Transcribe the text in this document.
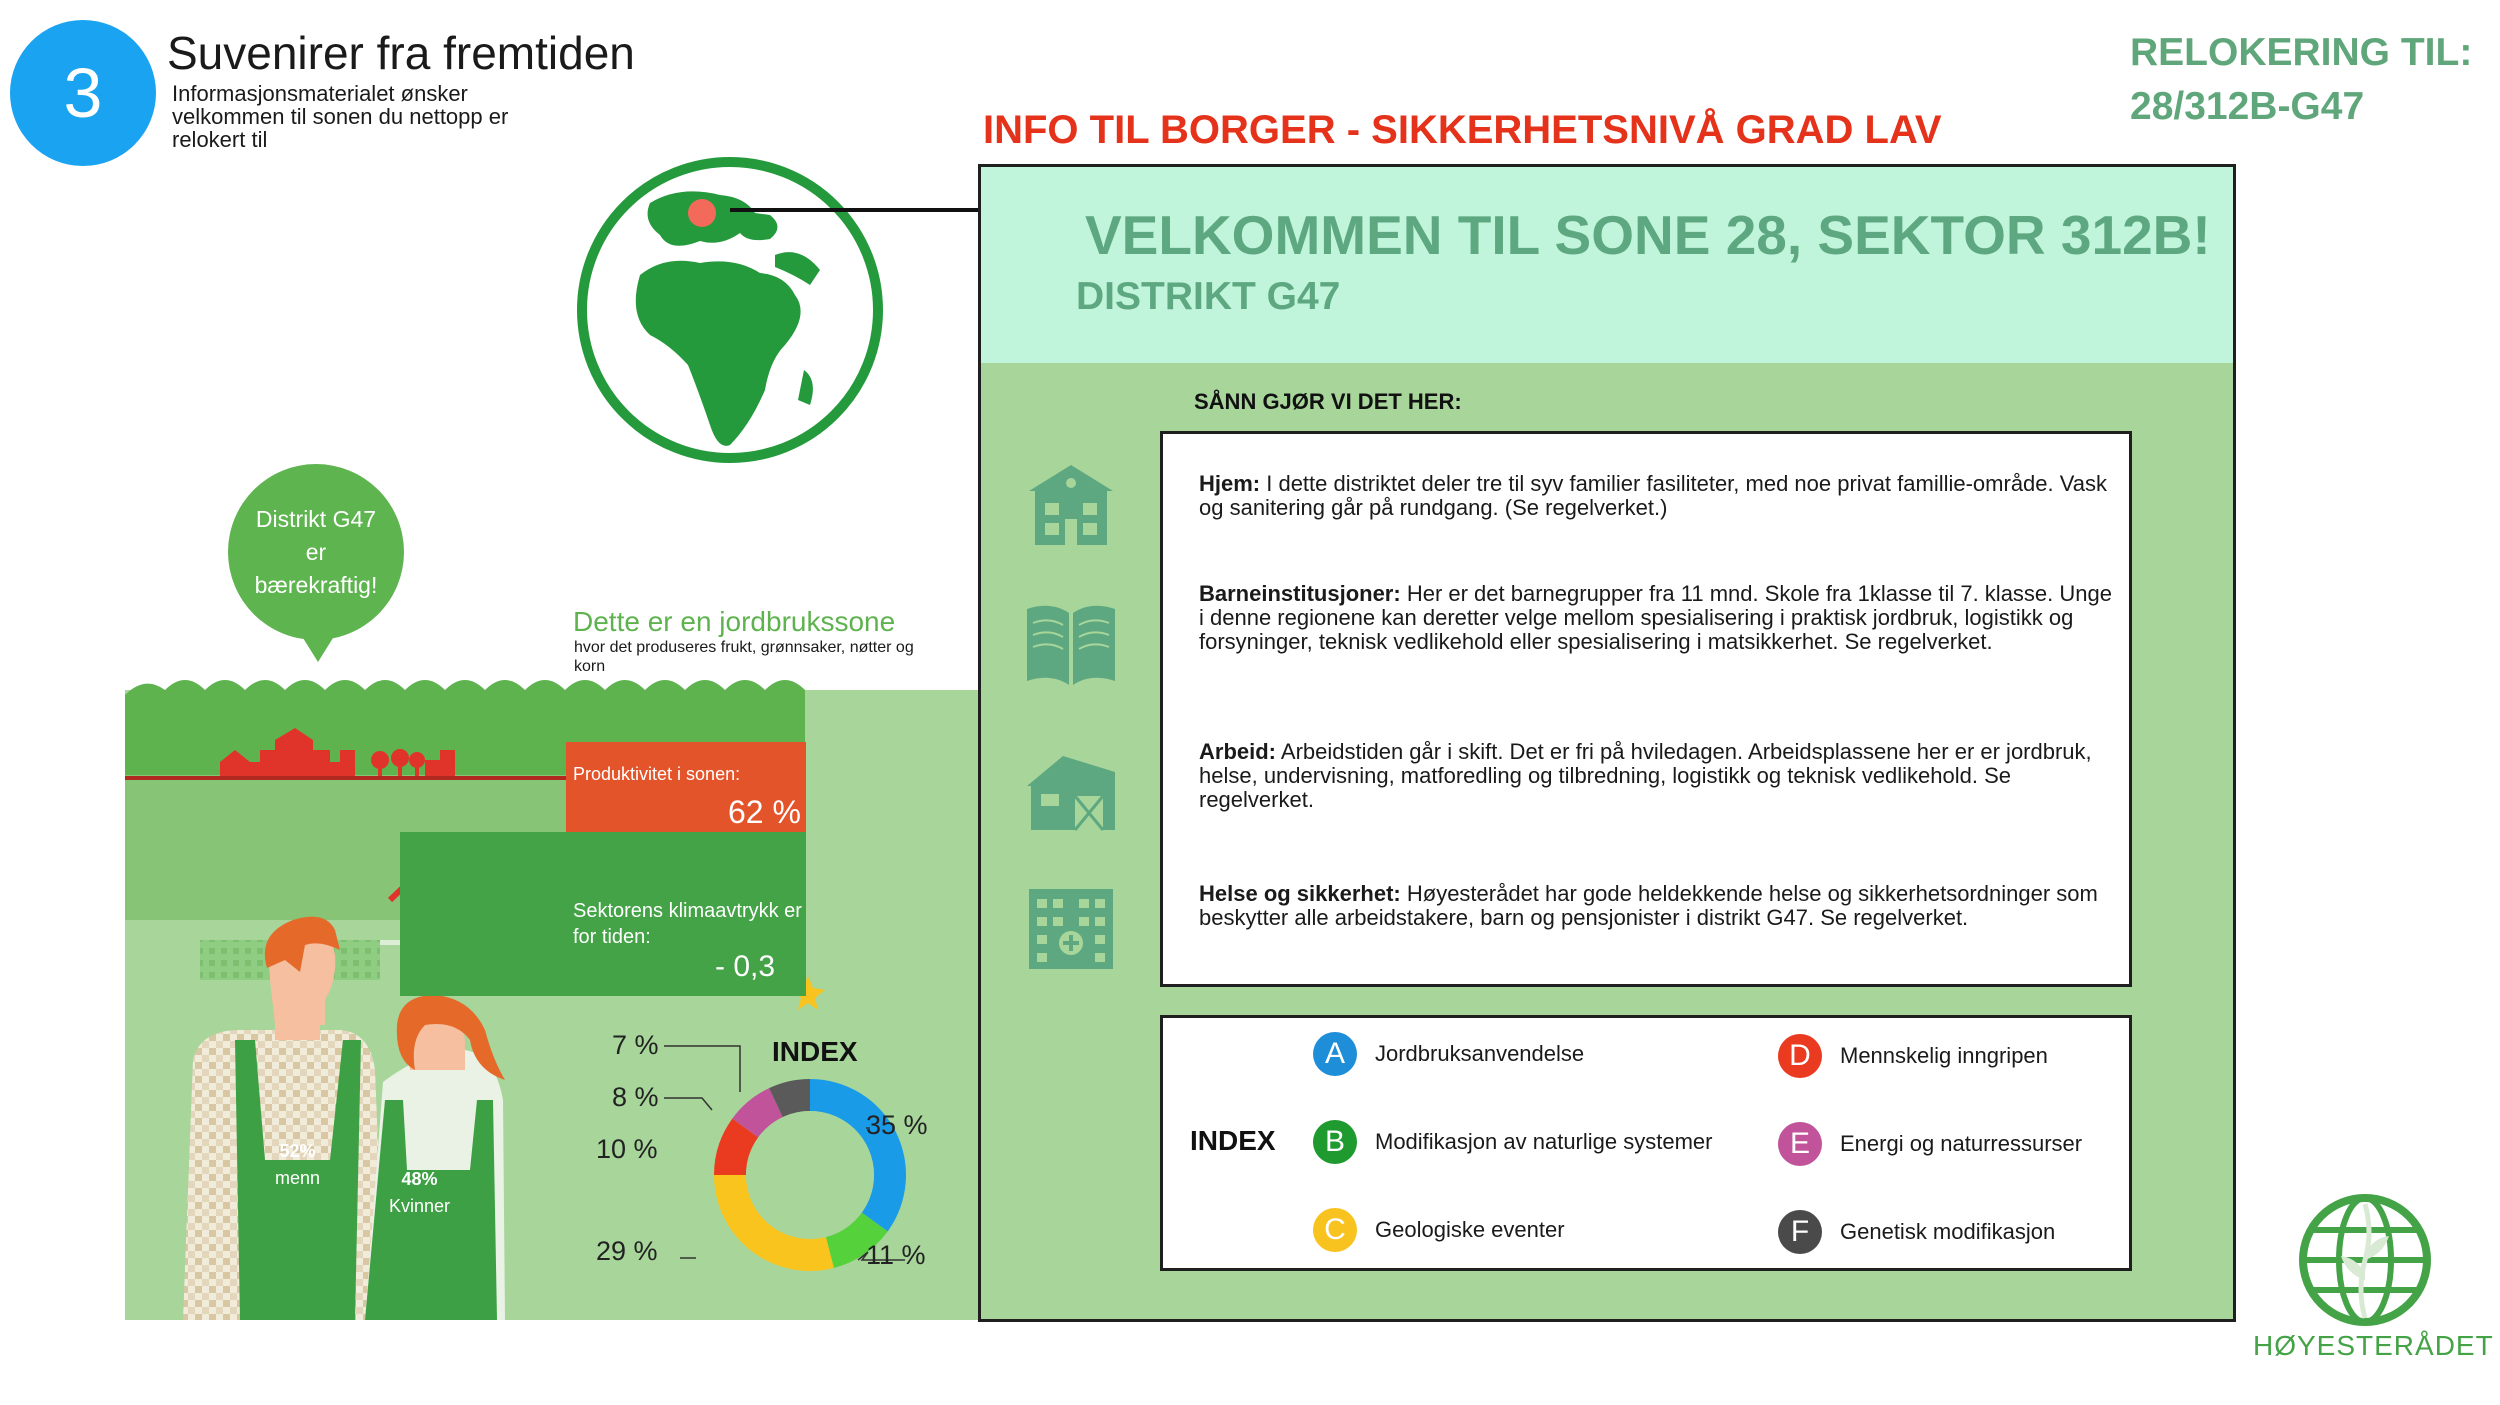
3
Suvenirer fra fremtiden
Informasjonsmaterialet ønsker velkommen til sonen du nettopp er relokert til
RELOKERING TIL:
28/312B-G47
INFO TIL BORGER - SIKKERHETSNIVÅ GRAD LAV
VELKOMMEN TIL SONE 28, SEKTOR 312B!
DISTRIKT G47
SÅNN GJØR VI DET HER:
Hjem: I dette distriktet deler tre til syv familier fasiliteter, med noe privat famillie-område. Vask og sanitering går på rundgang. (Se regelverket.)
Barneinstitusjoner: Her er det barnegrupper fra 11 mnd. Skole fra 1klasse til 7. klasse. Unge i denne regionene kan deretter velge mellom spesialisering i praktisk jordbruk, logistikk og forsyninger, teknisk vedlikehold eller spesialisering i matsikkerhet. Se regelverket.
Arbeid: Arbeidstiden går i skift. Det er fri på hviledagen. Arbeidsplassene her er er jordbruk, helse, undervisning, matforedling og tilbredning, logistikk og teknisk vedlikehold. Se regelverket.
Helse og sikkerhet: Høyesterådet har gode heldekkende helse og sikkerhetsordninger som beskytter alle arbeidstakere, barn og pensjonister i distrikt G47. Se regelverket.
INDEX
A	Jordbruksanvendelse
B	Modifikasjon av naturlige systemer
C	Geologiske eventer
D	Mennskelig inngripen
E	Energi og naturressurser
F	Genetisk modifikasjon
Distrikt G47
er
bærekraftig!
Dette er en jordbrukssone
hvor det produseres frukt, grønnsaker, nøtter og korn
Produktivitet i sonen:
62 %
Sektorens klimaavtrykk er for tiden:
- 0,3
52%
menn	48%
Kvinner
INDEX
7 %
8 %
10 %
29 %
35 %
11 %
HØYESTERÅDET
